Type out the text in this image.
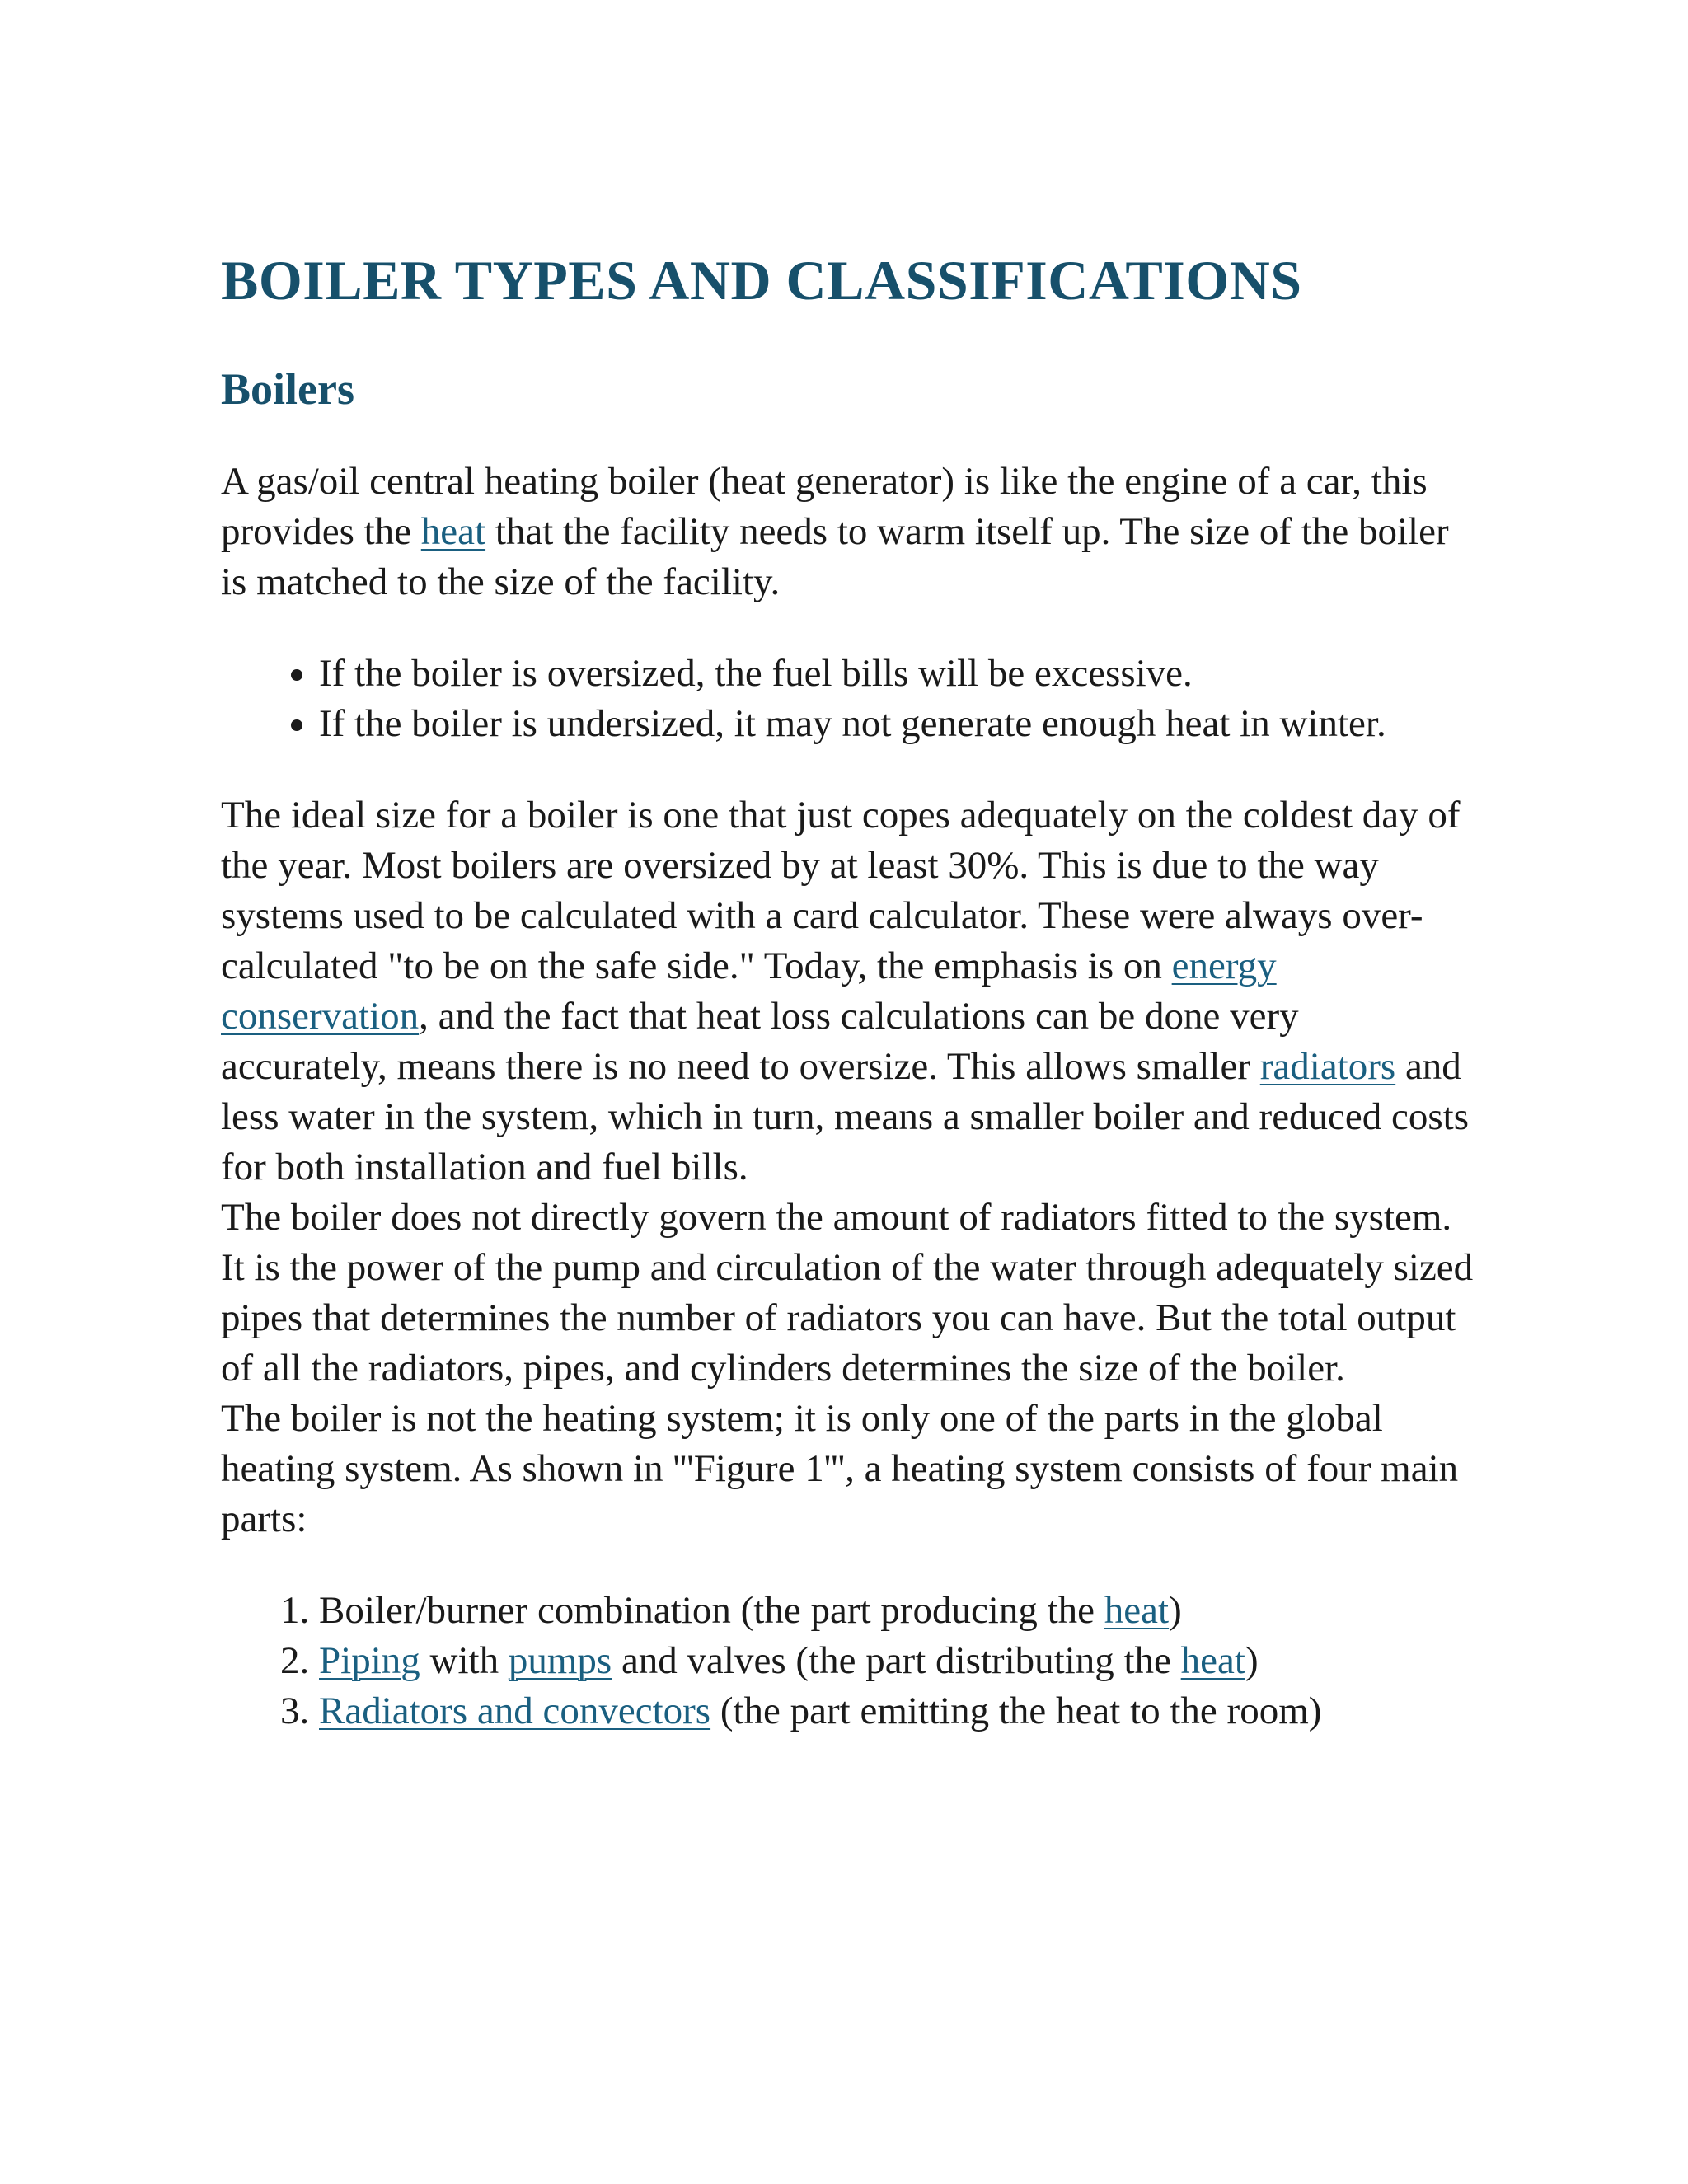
BOILER TYPES AND CLASSIFICATIONS
Boilers

A gas/oil central heating boiler (heat generator) is like the engine of a car, this provides the heat that the facility needs to warm itself up. The size of the boiler is matched to the size of the facility.

• If the boiler is oversized, the fuel bills will be excessive.
• If the boiler is undersized, it may not generate enough heat in winter.

The ideal size for a boiler is one that just copes adequately on the coldest day of the year. Most boilers are oversized by at least 30%. This is due to the way systems used to be calculated with a card calculator. These were always over-calculated "to be on the safe side." Today, the emphasis is on energy conservation, and the fact that heat loss calculations can be done very accurately, means there is no need to oversize. This allows smaller radiators and less water in the system, which in turn, means a smaller boiler and reduced costs for both installation and fuel bills.

The boiler does not directly govern the amount of radiators fitted to the system. It is the power of the pump and circulation of the water through adequately sized pipes that determines the number of radiators you can have. But the total output of all the radiators, pipes, and cylinders determines the size of the boiler.

The boiler is not the heating system; it is only one of the parts in the global heating system. As shown in '''Figure 1''', a heating system consists of four main parts:

1. Boiler/burner combination (the part producing the heat)
2. Piping with pumps and valves (the part distributing the heat)
3. Radiators and convectors (the part emitting the heat to the room)
